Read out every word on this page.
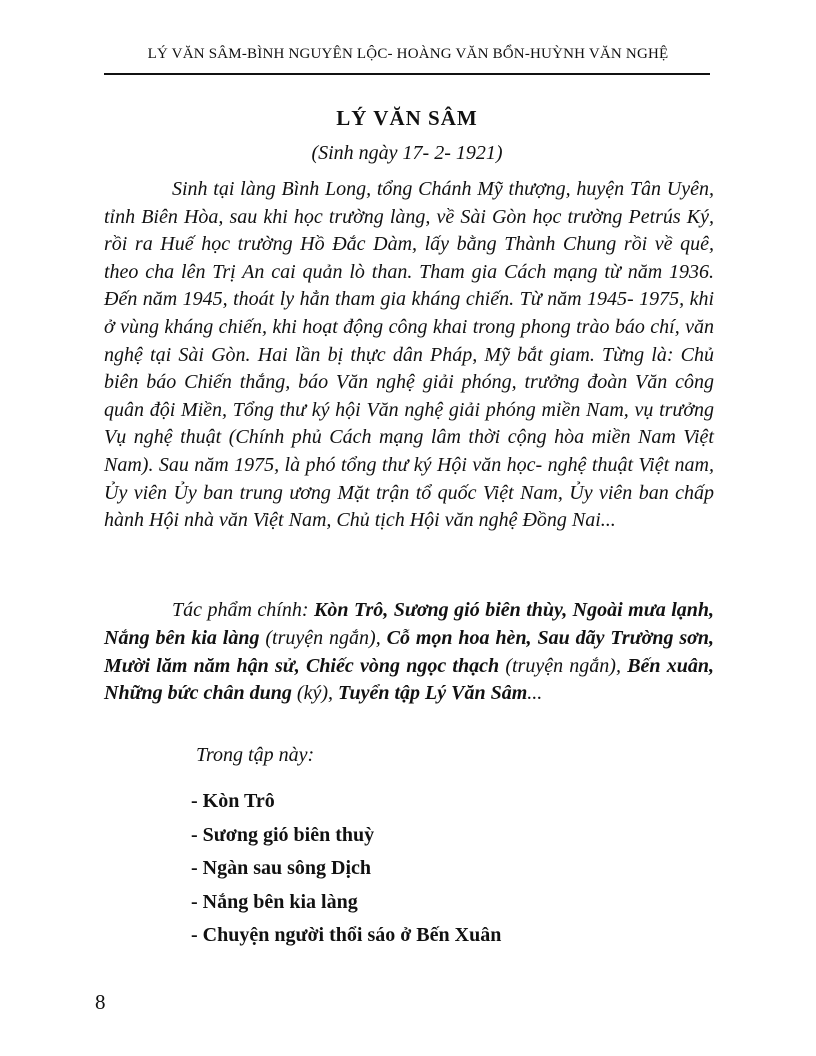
LÝ VĂN SÂM-BÌNH NGUYÊN LỘC- HOÀNG VĂN BỔN-HUỲNH VĂN NGHỆ
LÝ VĂN SÂM
(Sinh ngày 17- 2- 1921)

Sinh tại làng Bình Long, tổng Chánh Mỹ thượng, huyện Tân Uyên, tỉnh Biên Hòa, sau khi học trường làng, về Sài Gòn học trường Petrús Ký, rồi ra Huế học trường Hồ Đắc Dàm, lấy bằng Thành Chung rồi về quê, theo cha lên Trị An cai quản lò than. Tham gia Cách mạng từ năm 1936. Đến năm 1945, thoát ly hẳn tham gia kháng chiến. Từ năm 1945- 1975, khi ở vùng kháng chiến, khi hoạt động công khai trong phong trào báo chí, văn nghệ tại Sài Gòn. Hai lần bị thực dân Pháp, Mỹ bắt giam. Từng là: Chủ biên báo Chiến thắng, báo Văn nghệ giải phóng, trưởng đoàn Văn công quân đội Miền, Tổng thư ký hội Văn nghệ giải phóng miền Nam, vụ trưởng Vụ nghệ thuật (Chính phủ Cách mạng lâm thời cộng hòa miền Nam Việt Nam). Sau năm 1975, là phó tổng thư ký Hội văn học- nghệ thuật Việt nam, Ủy viên Ủy ban trung ương Mặt trận tổ quốc Việt Nam, Ủy viên ban chấp hành Hội nhà văn Việt Nam, Chủ tịch Hội văn nghệ Đồng Nai...

Tác phẩm chính: Kòn Trô, Sương gió biên thùy, Ngoài mưa lạnh, Nắng bên kia làng (truyện ngắn), Cỗ mọn hoa hèn, Sau dãy Trường sơn, Mười lăm năm hận sử, Chiếc vòng ngọc thạch (truyện ngắn), Bến xuân, Những bức chân dung (ký), Tuyển tập Lý Văn Sâm...

Trong tập này:
- Kòn Trô
- Sương gió biên thuỳ
- Ngàn sau sông Dịch
- Nắng bên kia làng
- Chuyện người thổi sáo ở Bến Xuân
8
